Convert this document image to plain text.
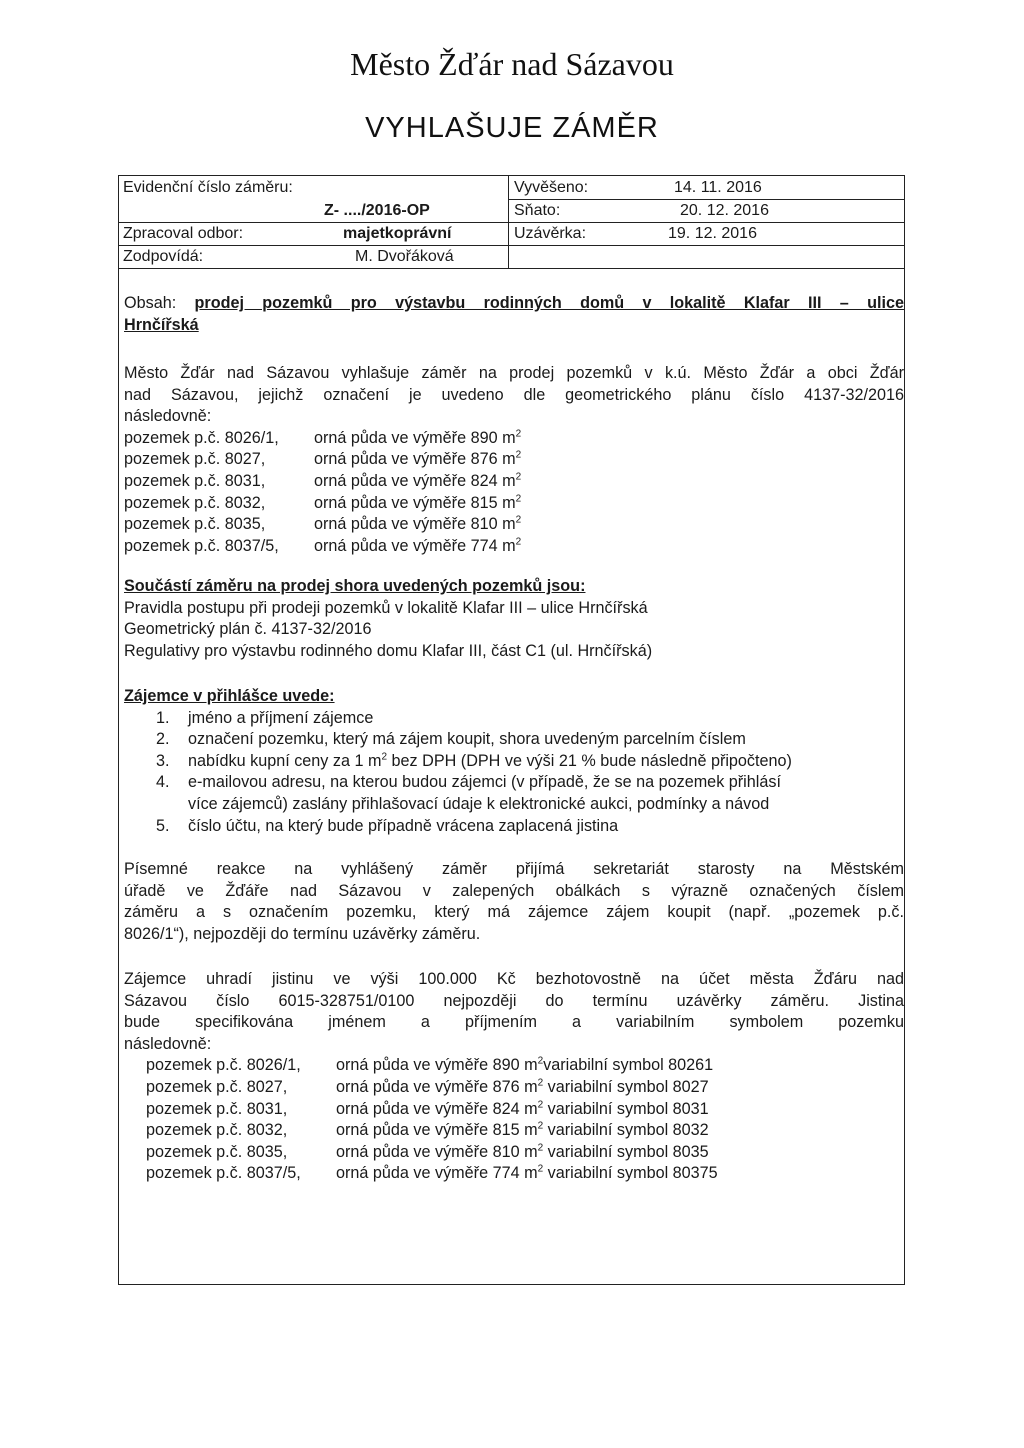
Město Žďár nad Sázavou
VYHLAŠUJE ZÁMĚR
Evidenční číslo záměru:
Z- ..../2016-OP
Zpracoval odbor:	majetkoprávní
Zodpovídá:	M. Dvořáková
Vyvěšeno:	14. 11. 2016
Sňato:	20. 12. 2016
Uzávěrka:	19. 12. 2016
Obsah: prodej pozemků pro výstavbu rodinných domů v lokalitě Klafar III – ulice
Hrnčířská
Město Žďár nad Sázavou vyhlašuje záměr na prodej pozemků v k.ú. Město Žďár a obci Žďár
nad Sázavou, jejichž označení je uvedeno dle geometrického plánu číslo 4137-32/2016
následovně:
pozemek p.č. 8026/1, orná půda ve výměře 890 $m^2$
pozemek p.č. 8027,	orná půda ve výměře 876 $m^2$
pozemek p.č. 8031,	orná půda ve výměře 824 $m^2$
pozemek p.č. 8032,	orná půda ve výměře 815 $m^2$
pozemek p.č. 8035,	orná půda ve výměře 810 $m^2$
pozemek p.č. 8037/5, orná půda ve výměře 774 $m^2$
Součástí záměru na prodej shora uvedených pozemků jsou:
Pravidla postupu při prodeji pozemků v lokalitě Klafar III – ulice Hrnčířská
Geometrický plán č. 4137-32/2016
Regulativy pro výstavbu rodinného domu Klafar III, část C1 (ul. Hrnčířská)
Zájemce v přihlášce uvede:
1. jméno a příjmení zájemce
2. označení pozemku, který má zájem koupit, shora uvedeným parcelním číslem
3. nabídku kupní ceny za 1 $m^2$ bez DPH (DPH ve výši 21 % bude následně připočteno)
4. e-mailovou adresu, na kterou budou zájemci (v případě, že se na pozemek přihlásí
více zájemců) zaslány přihlašovací údaje k elektronické aukci, podmínky a návod
5. číslo účtu, na který bude případně vrácena zaplacená jistina
Písemné reakce na vyhlášený záměr přijímá sekretariát starosty na Městském
úřadě ve Žďáře nad Sázavou v zalepených obálkách s výrazně označených číslem
záměru a s označením pozemku, který má zájemce zájem koupit (např. „pozemek p.č.
8026/1“), nejpozději do termínu uzávěrky záměru.
Zájemce uhradí jistinu ve výši 100.000 Kč bezhotovostně na účet města Žďáru nad
Sázavou číslo 6015-328751/0100 nejpozději do termínu uzávěrky záměru. Jistina
bude specifikována jménem a příjmením a variabilním symbolem pozemku
následovně:
pozemek p.č. 8026/1, orná půda ve výměře 890 $m^2variabilní$ symbol 80261
pozemek p.č. 8027,	orná půda ve výměře 876 $m^2$ variabilní symbol 8027
pozemek p.č. 8031,	orná půda ve výměře 824 $m^2$ variabilní symbol 8031
pozemek p.č. 8032,	orná půda ve výměře 815 $m^2$ variabilní symbol 8032
pozemek p.č. 8035,	orná půda ve výměře 810 $m^2$ variabilní symbol 8035
pozemek p.č. 8037/5, orná půda ve výměře 774 $m^2$ variabilní symbol 80375
